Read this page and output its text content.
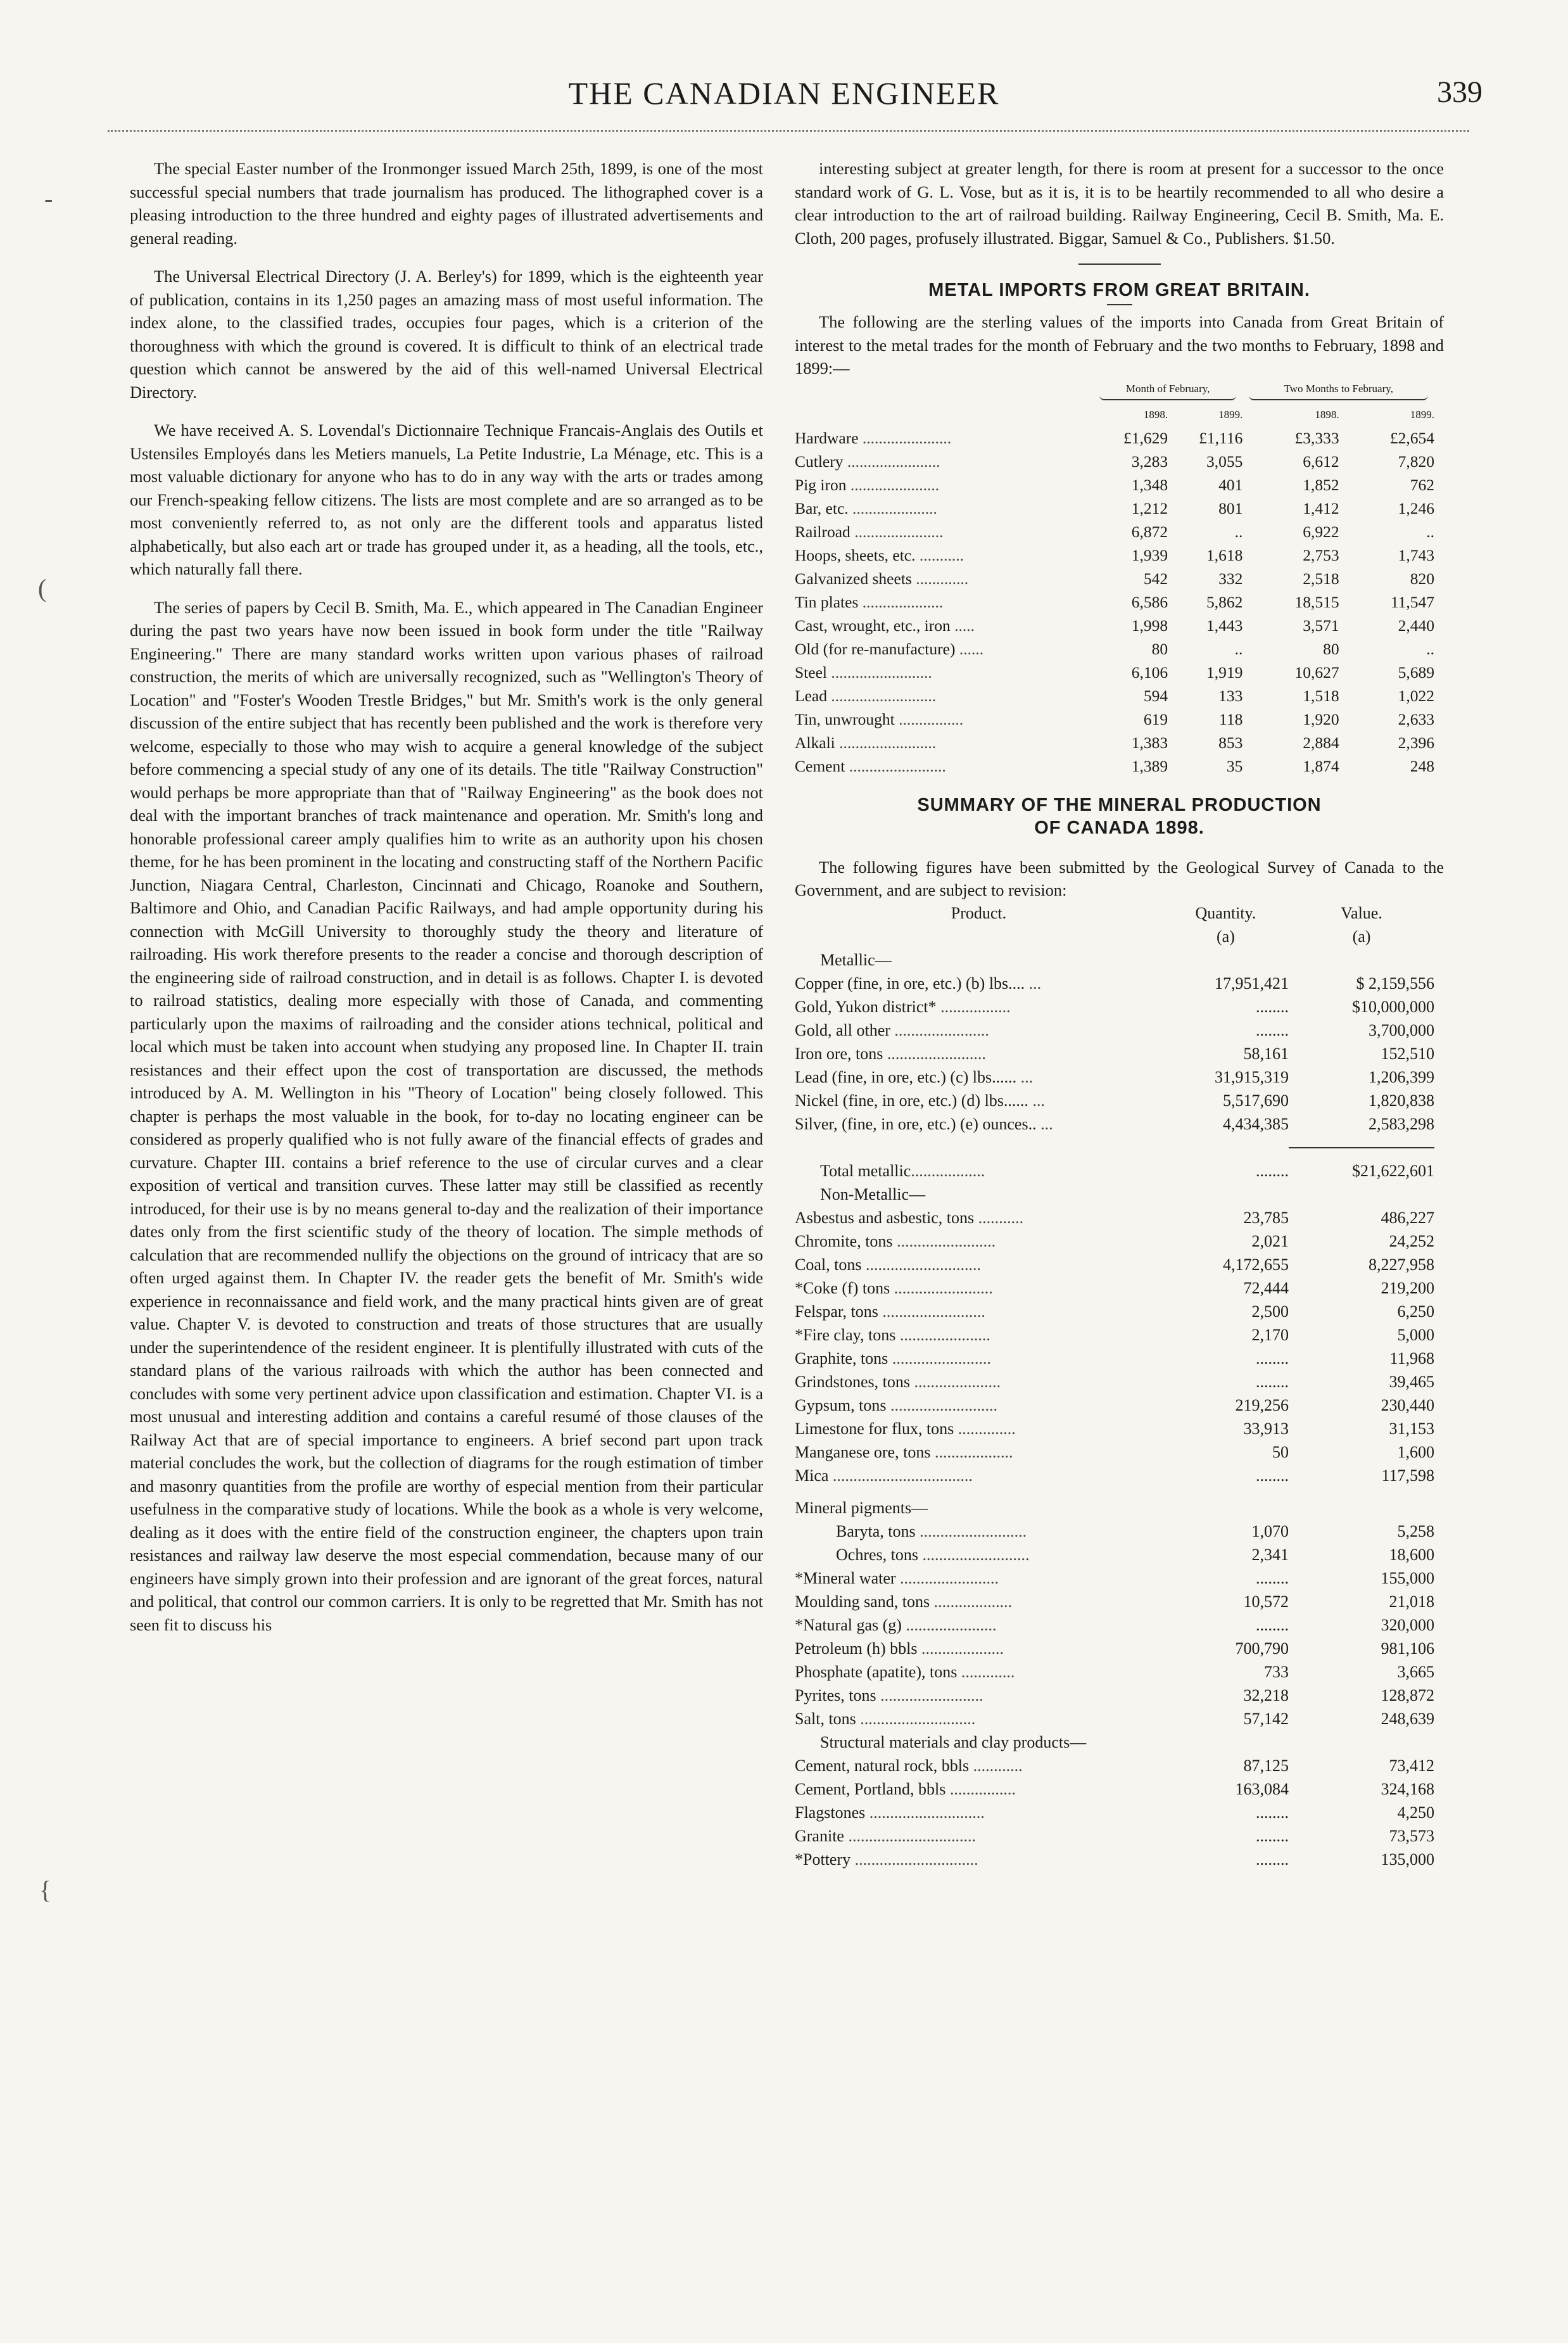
THE CANADIAN ENGINEER	339
-
(
{

The special Easter number of the Ironmonger issued March 25th, 1899, is one of the most successful special numbers that trade journalism has produced. The lithographed cover is a pleasing introduction to the three hundred and eighty pages of illustrated advertisements and general reading.

The Universal Electrical Directory (J. A. Berley's) for 1899, which is the eighteenth year of publication, contains in its 1,250 pages an amazing mass of most useful information. The index alone, to the classified trades, occupies four pages, which is a criterion of the thoroughness with which the ground is covered. It is difficult to think of an electrical trade question which cannot be answered by the aid of this well-named Universal Electrical Directory.

We have received A. S. Lovendal's Dictionnaire Technique Francais-Anglais des Outils et Ustensiles Employés dans les Metiers manuels, La Petite Industrie, La Ménage, etc. This is a most valuable dictionary for anyone who has to do in any way with the arts or trades among our French-speaking fellow citizens. The lists are most complete and are so arranged as to be most conveniently referred to, as not only are the different tools and apparatus listed alphabetically, but also each art or trade has grouped under it, as a heading, all the tools, etc., which naturally fall there.

The series of papers by Cecil B. Smith, Ma. E., which appeared in The Canadian Engineer during the past two years have now been issued in book form under the title "Railway Engineering." There are many standard works written upon various phases of railroad construction, the merits of which are universally recognized, such as "Wellington's Theory of Location" and "Foster's Wooden Trestle Bridges," but Mr. Smith's work is the only general discussion of the entire subject that has recently been published and the work is therefore very welcome, especially to those who may wish to acquire a general knowledge of the subject before commencing a special study of any one of its details. The title "Railway Construction" would perhaps be more appropriate than that of "Railway Engineering" as the book does not deal with the important branches of track maintenance and operation. Mr. Smith's long and honorable professional career amply qualifies him to write as an authority upon his chosen theme, for he has been prominent in the locating and constructing staff of the Northern Pacific Junction, Niagara Central, Charleston, Cincinnati and Chicago, Roanoke and Southern, Baltimore and Ohio, and Canadian Pacific Railways, and had ample opportunity during his connection with McGill University to thoroughly study the theory and literature of railroading. His work therefore presents to the reader a concise and thorough description of the engineering side of railroad construction, and in detail is as follows. Chapter I. is devoted to railroad statistics, dealing more especially with those of Canada, and commenting particularly upon the maxims of railroading and the consider ations technical, political and local which must be taken into account when studying any proposed line. In Chapter II. train resistances and their effect upon the cost of transportation are discussed, the methods introduced by A. M. Wellington in his "Theory of Location" being closely followed. This chapter is perhaps the most valuable in the book, for to-day no locating engineer can be considered as properly qualified who is not fully aware of the financial effects of grades and curvature. Chapter III. contains a brief reference to the use of circular curves and a clear exposition of vertical and transition curves. These latter may still be classified as recently introduced, for their use is by no means general to-day and the realization of their importance dates only from the first scientific study of the theory of location. The simple methods of calculation that are recommended nullify the objections on the ground of intricacy that are so often urged against them. In Chapter IV. the reader gets the benefit of Mr. Smith's wide experience in reconnaissance and field work, and the many practical hints given are of great value. Chapter V. is devoted to construction and treats of those structures that are usually under the superintendence of the resident engineer. It is plentifully illustrated with cuts of the standard plans of the various railroads with which the author has been connected and concludes with some very pertinent advice upon classification and estimation. Chapter VI. is a most unusual and interesting addition and contains a careful resumé of those clauses of the Railway Act that are of special importance to engineers. A brief second part upon track material concludes the work, but the collection of diagrams for the rough estimation of timber and masonry quantities from the profile are worthy of especial mention from their particular usefulness in the comparative study of locations. While the book as a whole is very welcome, dealing as it does with the entire field of the construction engineer, the chapters upon train resistances and railway law deserve the most especial commendation, because many of our engineers have simply grown into their profession and are ignorant of the great forces, natural and political, that control our common carriers. It is only to be regretted that Mr. Smith has not seen fit to discuss his

interesting subject at greater length, for there is room at present for a successor to the once standard work of G. L. Vose, but as it is, it is to be heartily recommended to all who desire a clear introduction to the art of railroad building. Railway Engineering, Cecil B. Smith, Ma. E. Cloth, 200 pages, profusely illustrated. Biggar, Samuel & Co., Publishers. $1.50.

METAL IMPORTS FROM GREAT BRITAIN.

The following are the sterling values of the imports into Canada from Great Britain of interest to the metal trades for the month of February and the two months to February, 1898 and 1899:—

	Month of February,		Two Months to February,	

	1898.	1899.	1898.	1899.
Hardware ......................	£1,629	£1,116	£3,333	£2,654
Cutlery .......................	3,283	3,055	6,612	7,820
Pig iron ......................	1,348	401	1,852	762
Bar, etc. .....................	1,212	801	1,412	1,246
Railroad ......................	6,872	..	6,922	..
Hoops, sheets, etc. ...........	1,939	1,618	2,753	1,743
Galvanized sheets .............	542	332	2,518	820
Tin plates ....................	6,586	5,862	18,515	11,547
Cast, wrought, etc., iron .....	1,998	1,443	3,571	2,440
Old (for re-manufacture) ......	80	..	80	..
Steel .........................	6,106	1,919	10,627	5,689
Lead ..........................	594	133	1,518	1,022
Tin, unwrought ................	619	118	1,920	2,633
Alkali ........................	1,383	853	2,884	2,396
Cement ........................	1,389	35	1,874	248
SUMMARY OF THE MINERAL PRODUCTION
OF CANADA 1898.

The following figures have been submitted by the Geological Survey of Canada to the Government, and are subject to revision:

Product.	Quantity.	Value.
	(a)	(a)
Metallic—		
Copper (fine, in ore, etc.) (b) lbs.... ...	17,951,421	$ 2,159,556
Gold, Yukon district* .................	........	$10,000,000
Gold, all other .......................	........	3,700,000
Iron ore, tons ........................	58,161	152,510
Lead (fine, in ore, etc.) (c) lbs...... ...	31,915,319	1,206,399
Nickel (fine, in ore, etc.) (d) lbs...... ...	5,517,690	1,820,838
Silver, (fine, in ore, etc.) (e) ounces.. ...	4,434,385	2,583,298

Total metallic..................	........	$21,622,601
Non-Metallic—		
Asbestus and asbestic, tons ...........	23,785	486,227
Chromite, tons ........................	2,021	24,252
Coal, tons ............................	4,172,655	8,227,958
*Coke (f) tons ........................	72,444	219,200
Felspar, tons .........................	2,500	6,250
*Fire clay, tons ......................	2,170	5,000
Graphite, tons ........................	........	11,968
Grindstones, tons .....................	........	39,465
Gypsum, tons ..........................	219,256	230,440
Limestone for flux, tons ..............	33,913	31,153
Manganese ore, tons ...................	50	1,600
Mica ..................................	........	117,598

Mineral pigments—		
Baryta, tons ..........................	1,070	5,258
Ochres, tons ..........................	2,341	18,600
*Mineral water ........................	........	155,000
Moulding sand, tons ...................	10,572	21,018
*Natural gas (g) ......................	........	320,000
Petroleum (h) bbls ....................	700,790	981,106
Phosphate (apatite), tons .............	733	3,665
Pyrites, tons .........................	32,218	128,872
Salt, tons ............................	57,142	248,639
Structural materials and clay products—		
Cement, natural rock, bbls ............	87,125	73,412
Cement, Portland, bbls ................	163,084	324,168
Flagstones ............................	........	4,250
Granite ...............................	........	73,573
*Pottery ..............................	........	135,000
